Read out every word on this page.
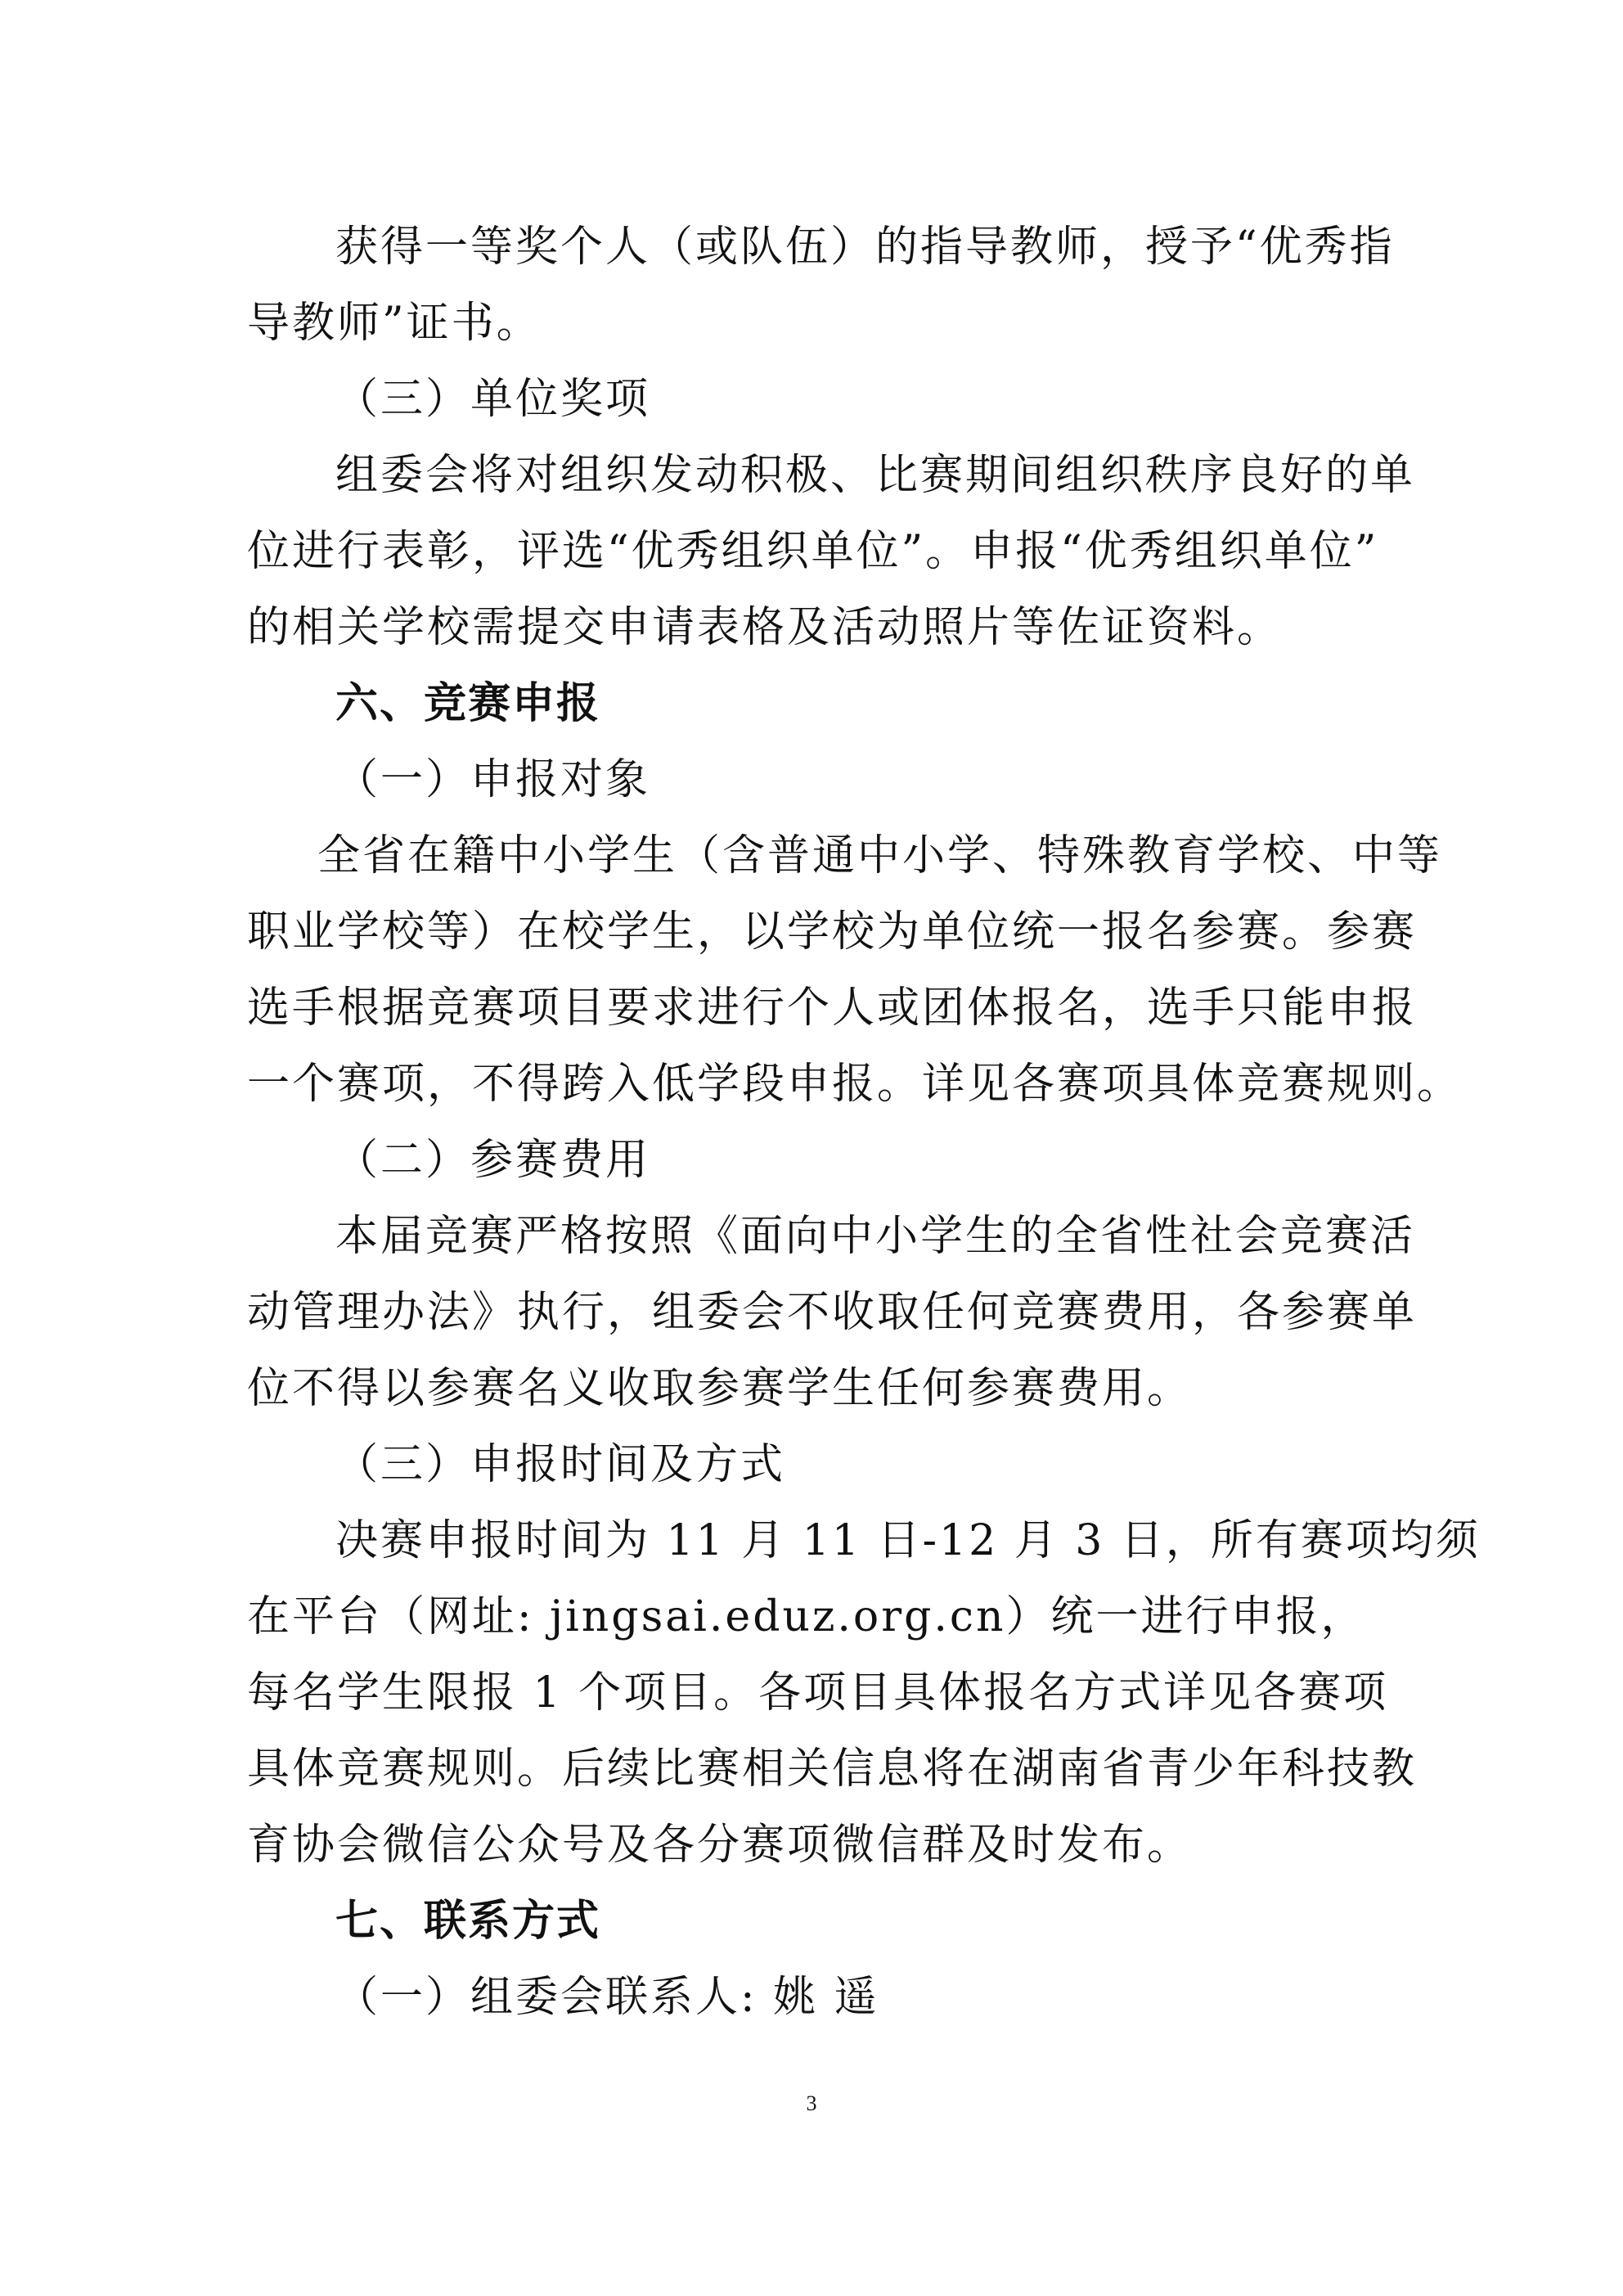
获得一等奖个人（或队伍）的指导教师，授予“优秀指
导教师”证书。
（三）单位奖项
组委会将对组织发动积极、比赛期间组织秩序良好的单
位进行表彰，评选“优秀组织单位”。申报“优秀组织单位”
的相关学校需提交申请表格及活动照片等佐证资料。
六、竞赛申报
（一）申报对象
全省在籍中小学生（含普通中小学、特殊教育学校、中等
职业学校等）在校学生，以学校为单位统一报名参赛。参赛
选手根据竞赛项目要求进行个人或团体报名，选手只能申报
一个赛项，不得跨入低学段申报。详见各赛项具体竞赛规则。
（二）参赛费用
本届竞赛严格按照《面向中小学生的全省性社会竞赛活
动管理办法》执行，组委会不收取任何竞赛费用，各参赛单
位不得以参赛名义收取参赛学生任何参赛费用。
（三）申报时间及方式
决赛申报时间为 11 月 11 日-12 月 3 日，所有赛项均须
在平台（网址: jingsai.eduz.org.cn）统一进行申报，
每名学生限报 1 个项目。各项目具体报名方式详见各赛项
具体竞赛规则。后续比赛相关信息将在湖南省青少年科技教
育协会微信公众号及各分赛项微信群及时发布。
七、联系方式
（一）组委会联系人: 姚 遥
3
